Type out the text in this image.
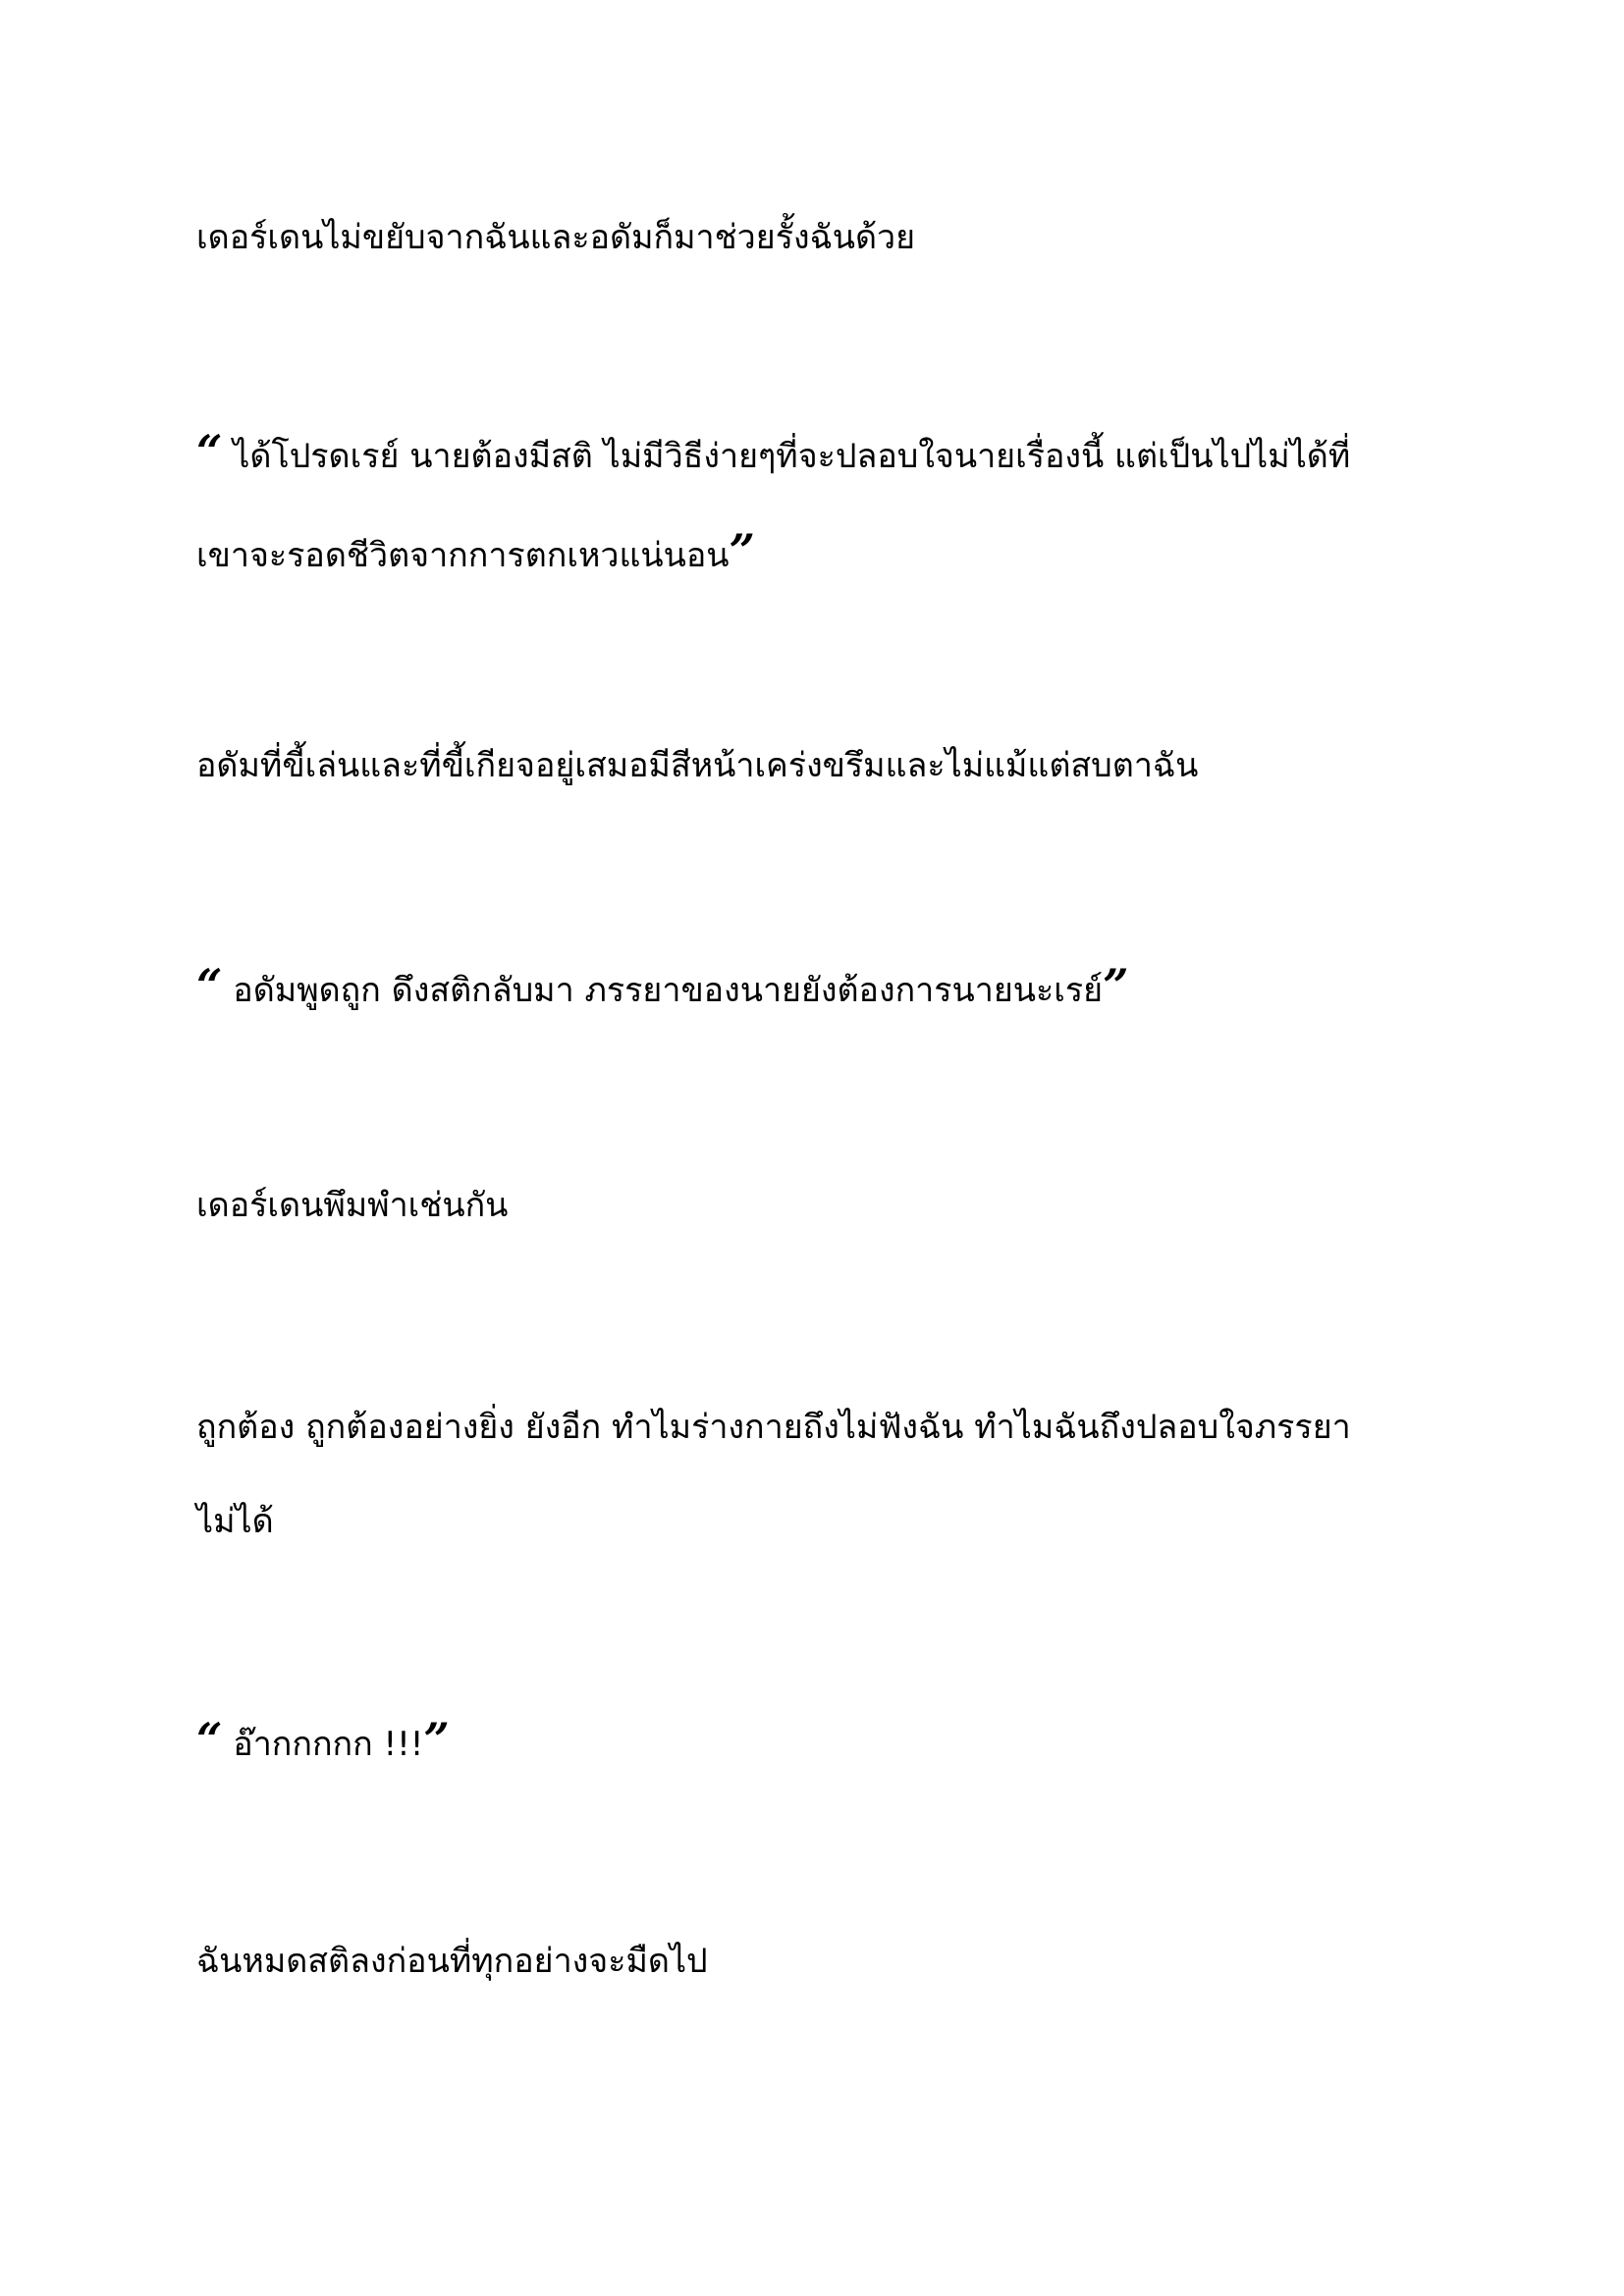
เดอร์เดนไม่ขยับจากฉันและอดัมก็มาช่วยรั้งฉันด้วย
“ ได้โปรดเรย์ นายต้องมีสติ ไม่มีวิธีง่ายๆที่จะปลอบใจนายเรื่องนี้ แต่เป็นไปไม่ได้ที่
เขาจะรอดชีวิตจากการตกเหวแน่นอน”
อดัมที่ขี้เล่นและที่ขี้เกียจอยู่เสมอมีสีหน้าเคร่งขรึมและไม่แม้แต่สบตาฉัน
“ อดัมพูดถูก ดึงสติกลับมา ภรรยาของนายยังต้องการนายนะเรย์”
เดอร์เดนพึมพำเช่นกัน
ถูกต้อง ถูกต้องอย่างยิ่ง ยังอีก ทำไมร่างกายถึงไม่ฟังฉัน ทำไมฉันถึงปลอบใจภรรยา
ไม่ได้
“ อ๊ากกกกก !!!”
ฉันหมดสติลงก่อนที่ทุกอย่างจะมืดไป
